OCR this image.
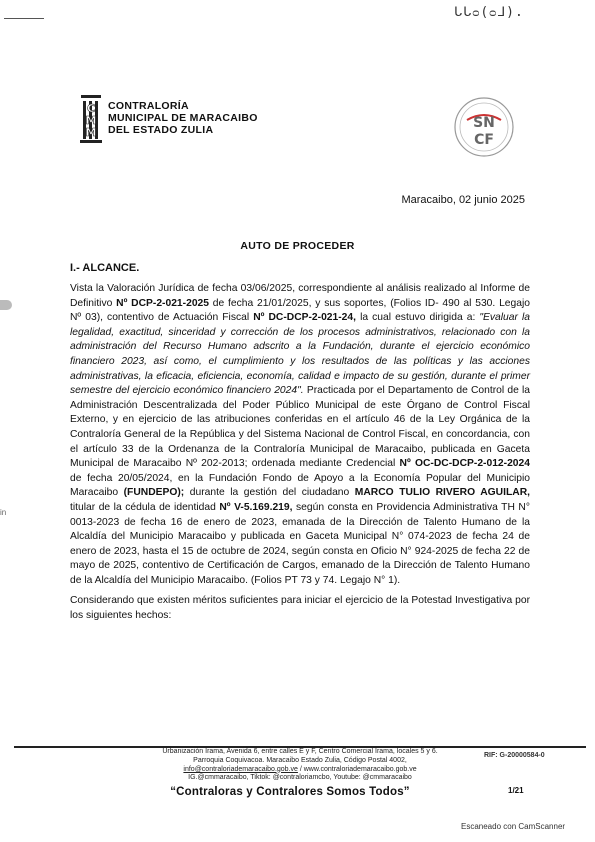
ᒐᒐᴑ(ᴑᒧ).
in
C
M
M
CONTRALORÍA
MUNICIPAL DE MARACAIBO
DEL ESTADO ZULIA	SN
CF
Maracaibo, 02 junio 2025
AUTO DE PROCEDER
I.- ALCANCE.

Vista la Valoración Jurídica de fecha 03/06/2025, correspondiente al análisis realizado al Informe de Definitivo Nº DCP-2-021-2025 de fecha 21/01/2025, y sus soportes, (Folios ID- 490 al 530. Legajo Nº 03), contentivo de Actuación Fiscal Nº DC-DCP-2-021-24, la cual estuvo dirigida a: "Evaluar la legalidad, exactitud, sinceridad y corrección de los procesos administrativos, relacionado con la administración del Recurso Humano adscrito a la Fundación, durante el ejercicio económico financiero 2023, así como, el cumplimiento y los resultados de las políticas y las acciones administrativas, la eficacia, eficiencia, economía, calidad e impacto de su gestión, durante el primer semestre del ejercicio económico financiero 2024". Practicada por el Departamento de Control de la Administración Descentralizada del Poder Público Municipal de este Órgano de Control Fiscal Externo, y en ejercicio de las atribuciones conferidas en el artículo 46 de la Ley Orgánica de la Contraloría General de la República y del Sistema Nacional de Control Fiscal, en concordancia, con el artículo 33 de la Ordenanza de la Contraloría Municipal de Maracaibo, publicada en Gaceta Municipal de Maracaibo Nº 202-2013; ordenada mediante Credencial Nº OC-DC-DCP-2-012-2024 de fecha 20/05/2024, en la Fundación Fondo de Apoyo a la Economía Popular del Municipio Maracaibo (FUNDEPO); durante la gestión del ciudadano MARCO TULIO RIVERO AGUILAR, titular de la cédula de identidad Nº V-5.169.219, según consta en Providencia Administrativa TH N° 0013-2023 de fecha 16 de enero de 2023, emanada de la Dirección de Talento Humano de la Alcaldía del Municipio Maracaibo y publicada en Gaceta Municipal N° 074-2023 de fecha 24 de enero de 2023, hasta el 15 de octubre de 2024, según consta en Oficio N° 924-2025 de fecha 22 de mayo de 2025, contentivo de Certificación de Cargos, emanado de la Dirección de Talento Humano de la Alcaldía del Municipio Maracaibo. (Folios PT 73 y 74. Legajo N° 1).

Considerando que existen méritos suficientes para iniciar el ejercicio de la Potestad Investigativa por los siguientes hechos:

Urbanización Irama, Avenida 6, entre calles E y F, Centro Comercial Irama, locales 5 y 6.
Parroquia Coquivacoa. Maracaibo Estado Zulia, Código Postal 4002,
info@contraloriademaracaibo.gob.ve / www.contraloriademaracaibo.gob.ve
IG.@cmmaracaibo, Tiktok: @contraloriamcbo, Youtube: @cmmaracaibo
RIF: G-20000584-0
“Contraloras y Contralores Somos Todos”	1/21
Escaneado con CamScanner
